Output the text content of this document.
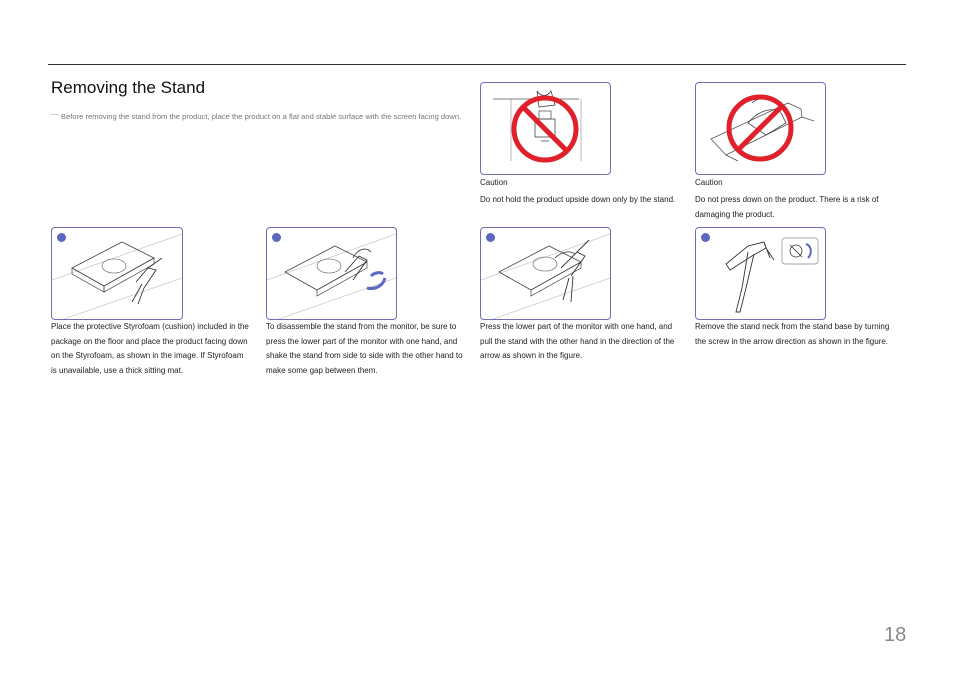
Removing the Stand
― Before removing the stand from the product, place the product on a flat and stable surface with the screen facing down.
Caution
Do not hold the product upside down only by the stand.
Caution
Do not press down on the product. There is a risk of damaging the product.
Place the protective Styrofoam (cushion) included in the package on the floor and place the product facing down on the Styrofoam, as shown in the image. If Styrofoam is unavailable, use a thick sitting mat.
To disassemble the stand from the monitor, be sure to press the lower part of the monitor with one hand, and shake the stand from side to side with the other hand to make some gap between them.
Press the lower part of the monitor with one hand, and pull the stand with the other hand in the direction of the arrow as shown in the figure.
Remove the stand neck from the stand base by turning the screw in the arrow direction as shown in the figure.
18
